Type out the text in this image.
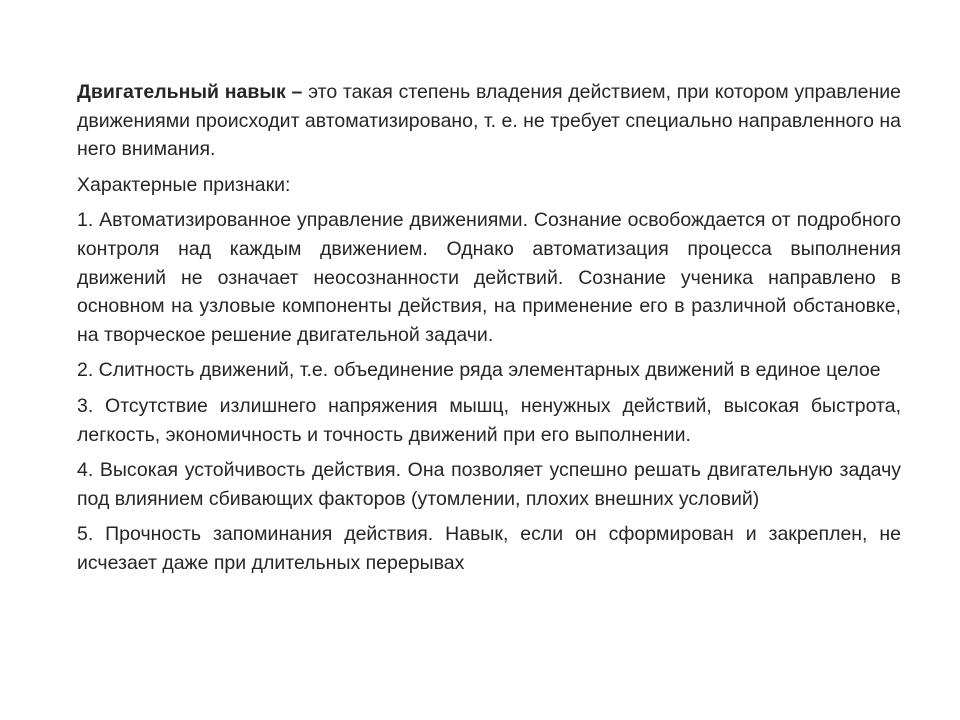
Двигательный навык – это такая степень владения действием, при котором управление движениями происходит автоматизировано, т. е. не требует специально направленного на него внимания.

Характерные признаки:

1. Автоматизированное управление движениями. Сознание освобождается от подробного контроля над каждым движением. Однако автоматизация процесса выполнения движений не означает неосознанности действий. Сознание ученика направлено в основном на узловые компоненты действия, на применение его в различной обстановке, на творческое решение двигательной задачи.

2. Слитность движений, т.е. объединение ряда элементарных движений в единое целое

3. Отсутствие излишнего напряжения мышц, ненужных действий, высокая быстрота, легкость, экономичность и точность движений при его выполнении.

4. Высокая устойчивость действия. Она позволяет успешно решать двигательную задачу под влиянием сбивающих факторов (утомлении, плохих внешних условий)

5. Прочность запоминания действия. Навык, если он сформирован и закреплен, не исчезает даже при длительных перерывах
